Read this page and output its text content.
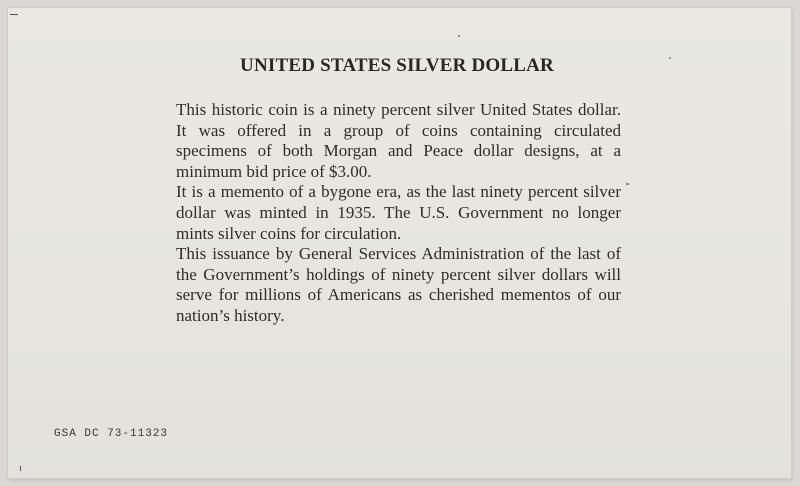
UNITED STATES SILVER DOLLAR

This historic coin is a ninety percent silver United States dollar. It was offered in a group of coins containing circulated specimens of both Morgan and Peace dollar designs, at a minimum bid price of $3.00.

It is a memento of a bygone era, as the last ninety percent silver dollar was minted in 1935. The U.S. Government no longer mints silver coins for circulation.

This issuance by General Services Administration of the last of the Government’s holdings of ninety percent silver dollars will serve for millions of Americans as cherished mementos of our nation’s history.

GSA DC 73-11323
